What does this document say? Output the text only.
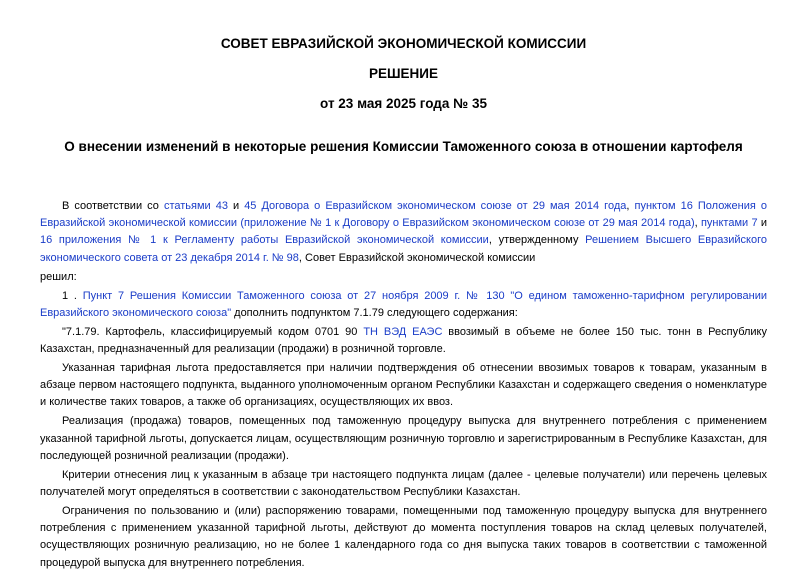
СОВЕТ ЕВРАЗИЙСКОЙ ЭКОНОМИЧЕСКОЙ КОМИССИИ
РЕШЕНИЕ
от 23 мая 2025 года № 35
О внесении изменений в некоторые решения Комиссии Таможенного союза в отношении картофеля

В соответствии со статьями 43 и 45 Договора о Евразийском экономическом союзе от 29 мая 2014 года, пунктом 16 Положения о Евразийской экономической комиссии (приложение № 1 к Договору о Евразийском экономическом союзе от 29 мая 2014 года), пунктами 7 и 16 приложения № 1 к Регламенту работы Евразийской экономической комиссии, утвержденному Решением Высшего Евразийского экономического совета от 23 декабря 2014 г. № 98, Совет Евразийской экономической комиссии

решил:

1 . Пункт 7 Решения Комиссии Таможенного союза от 27 ноября 2009 г. № 130 "О едином таможенно-тарифном регулировании Евразийского экономического союза" дополнить подпунктом 7.1.79 следующего содержания:

"7.1.79. Картофель, классифицируемый кодом 0701 90 ТН ВЭД ЕАЭС ввозимый в объеме не более 150 тыс. тонн в Республику Казахстан, предназначенный для реализации (продажи) в розничной торговле.

Указанная тарифная льгота предоставляется при наличии подтверждения об отнесении ввозимых товаров к товарам, указанным в абзаце первом настоящего подпункта, выданного уполномоченным органом Республики Казахстан и содержащего сведения о номенклатуре и количестве таких товаров, а также об организациях, осуществляющих их ввоз.

Реализация (продажа) товаров, помещенных под таможенную процедуру выпуска для внутреннего потребления с применением указанной тарифной льготы, допускается лицам, осуществляющим розничную торговлю и зарегистрированным в Республике Казахстан, для последующей розничной реализации (продажи).

Критерии отнесения лиц к указанным в абзаце три настоящего подпункта лицам (далее - целевые получатели) или перечень целевых получателей могут определяться в соответствии с законодательством Республики Казахстан.

Ограничения по пользованию и (или) распоряжению товарами, помещенными под таможенную процедуру выпуска для внутреннего потребления с применением указанной тарифной льготы, действуют до момента поступления товаров на склад целевых получателей, осуществляющих розничную реализацию, но не более 1 календарного года со дня выпуска таких товаров в соответствии с таможенной процедурой выпуска для внутреннего потребления.
